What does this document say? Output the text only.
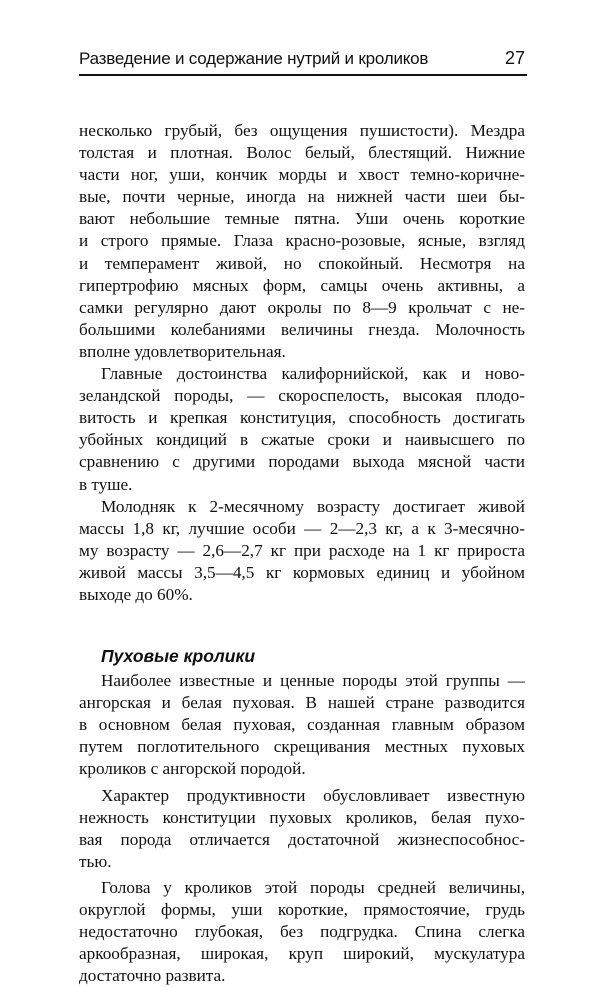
Разведение и содержание нутрий и кроликов	27
несколько грубый, без ощущения пушистости). Мездра
толстая и плотная. Волос белый, блестящий. Нижние
части ног, уши, кончик морды и хвост темно-коричне-
вые, почти черные, иногда на нижней части шеи бы-
вают небольшие темные пятна. Уши очень короткие
и строго прямые. Глаза красно-розовые, ясные, взгляд
и темперамент живой, но спокойный. Несмотря на
гипертрофию мясных форм, самцы очень активны, а
самки регулярно дают окролы по 8—9 крольчат с не-
большими колебаниями величины гнезда. Молочность
вполне удовлетворительная.
Главные достоинства калифорнийской, как и ново-
зеландской породы, — скороспелость, высокая плодо-
витость и крепкая конституция, способность достигать
убойных кондиций в сжатые сроки и наивысшего по
сравнению с другими породами выхода мясной части
в тушe.
Молодняк к 2-месячному возрасту достигает живой
массы 1,8 кг, лучшие особи — 2—2,3 кг, а к 3-месячно-
му возрасту — 2,6—2,7 кг при расходе на 1 кг прироста
живой массы 3,5—4,5 кг кормовых единиц и убойном
выходе до 60%.
Пуховые кролики
Наиболее известные и ценные породы этой группы —
ангорская и белая пуховая. В нашей стране разводится
в основном белая пуховая, созданная главным образом
путем поглотительного скрещивания местных пуховых
кроликов с ангорской породой.
Характер продуктивности обусловливает известную
нежность конституции пуховых кроликов, белая пухо-
вая порода отличается достаточной жизнеспособнос-
тью.
Голова у кроликов этой породы средней величины,
округлой формы, уши короткие, прямостоячие, грудь
недостаточно глубокая, без подгрудка. Спина слегка
аркообразная, широкая, круп широкий, мускулатура
достаточно развита.
